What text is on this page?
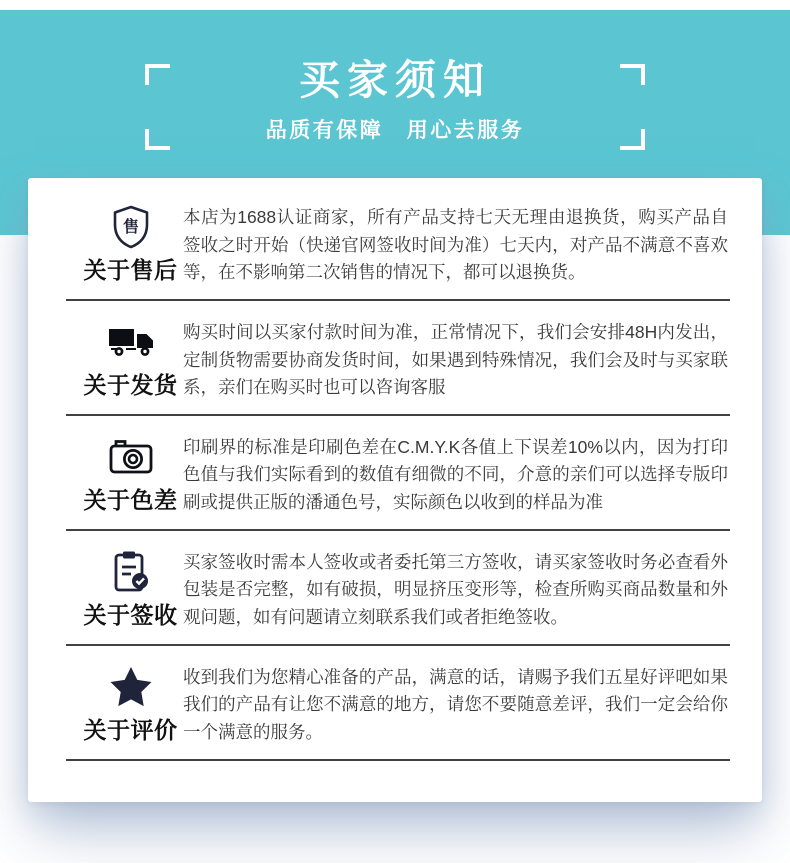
买家须知
品质有保障　用心去服务
售
关于售后
本店为1688认证商家，所有产品支持七天无理由退换货，购买产品自签收之时开始（快递官网签收时间为准）七天内，对产品不满意不喜欢等，在不影响第二次销售的情况下，都可以退换货。
关于发货
购买时间以买家付款时间为准，正常情况下，我们会安排48H内发出，定制货物需要协商发货时间，如果遇到特殊情况，我们会及时与买家联系，亲们在购买时也可以咨询客服
关于色差
印刷界的标准是印刷色差在C.M.Y.K各值上下误差10%以内，因为打印色值与我们实际看到的数值有细微的不同，介意的亲们可以选择专版印刷或提供正版的潘通色号，实际颜色以收到的样品为准
关于签收
买家签收时需本人签收或者委托第三方签收，请买家签收时务必查看外包装是否完整，如有破损，明显挤压变形等，检查所购买商品数量和外观问题，如有问题请立刻联系我们或者拒绝签收。
关于评价
收到我们为您精心准备的产品，满意的话，请赐予我们五星好评吧如果我们的产品有让您不满意的地方，请您不要随意差评，我们一定会给你一个满意的服务。
